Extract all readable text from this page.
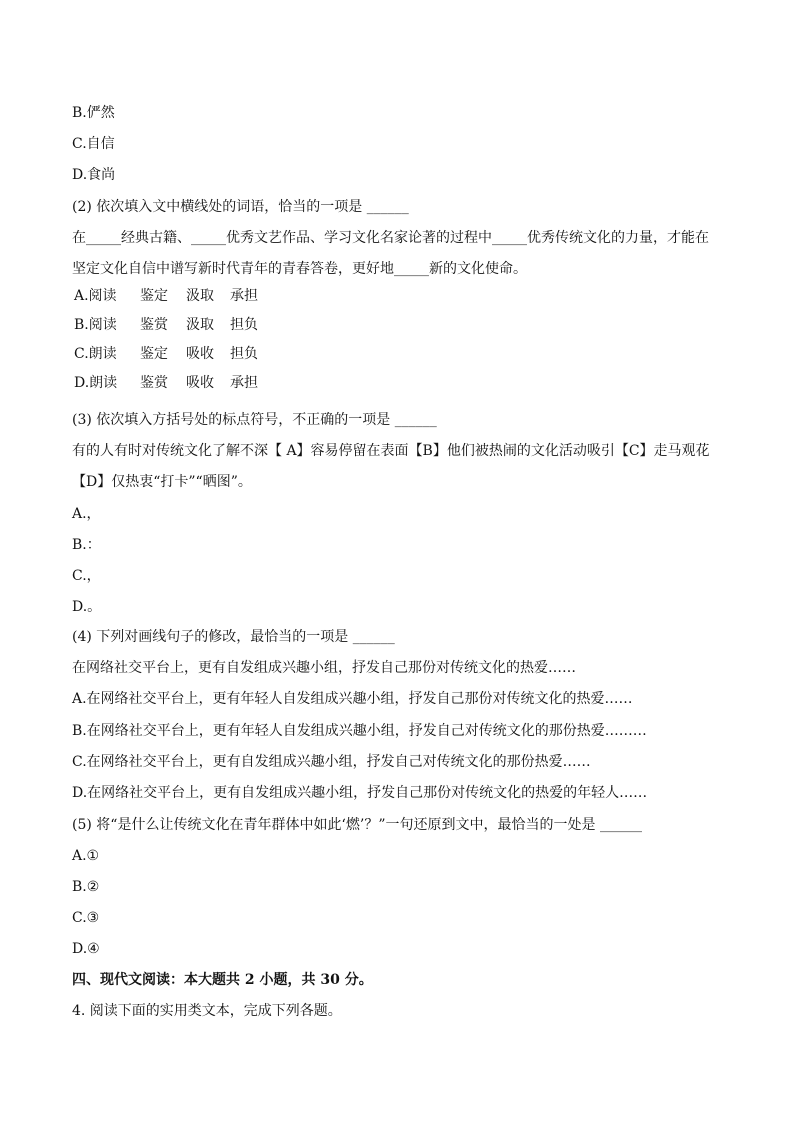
B.俨然
C.自信
D.食尚
(2) 依次填入文中横线处的词语，恰当的一项是 ______
在_____经典古籍、_____优秀文艺作品、学习文化名家论著的过程中_____优秀传统文化的力量，才能在
坚定文化自信中谱写新时代青年的青春答卷，更好地_____新的文化使命。
A.阅读 鉴定 汲取 承担
B.阅读 鉴赏 汲取 担负
C.朗读 鉴定 吸收 担负
D.朗读 鉴赏 吸收 承担
(3) 依次填入方括号处的标点符号，不正确的一项是 ______
有的人有时对传统文化了解不深【 A】容易停留在表面【B】他们被热闹的文化活动吸引【C】走马观花
【D】仅热衷“打卡”“晒图”。
A.，
B.：
C.，
D.。
(4) 下列对画线句子的修改，最恰当的一项是 ______
在网络社交平台上，更有自发组成兴趣小组，抒发自己那份对传统文化的热爱……
A.在网络社交平台上，更有年轻人自发组成兴趣小组，抒发自己那份对传统文化的热爱……
B.在网络社交平台上，更有年轻人自发组成兴趣小组，抒发自己对传统文化的那份热爱………
C.在网络社交平台上，更有自发组成兴趣小组，抒发自己对传统文化的那份热爱……
D.在网络社交平台上，更有自发组成兴趣小组，抒发自己那份对传统文化的热爱的年轻人……
(5) 将“是什么让传统文化在青年群体中如此‘燃’？”一句还原到文中，最恰当的一处是 ______
A.①
B.②
C.③
D.④
四、现代文阅读：本大题共 2 小题，共 30 分。
4. 阅读下面的实用类文本，完成下列各题。
